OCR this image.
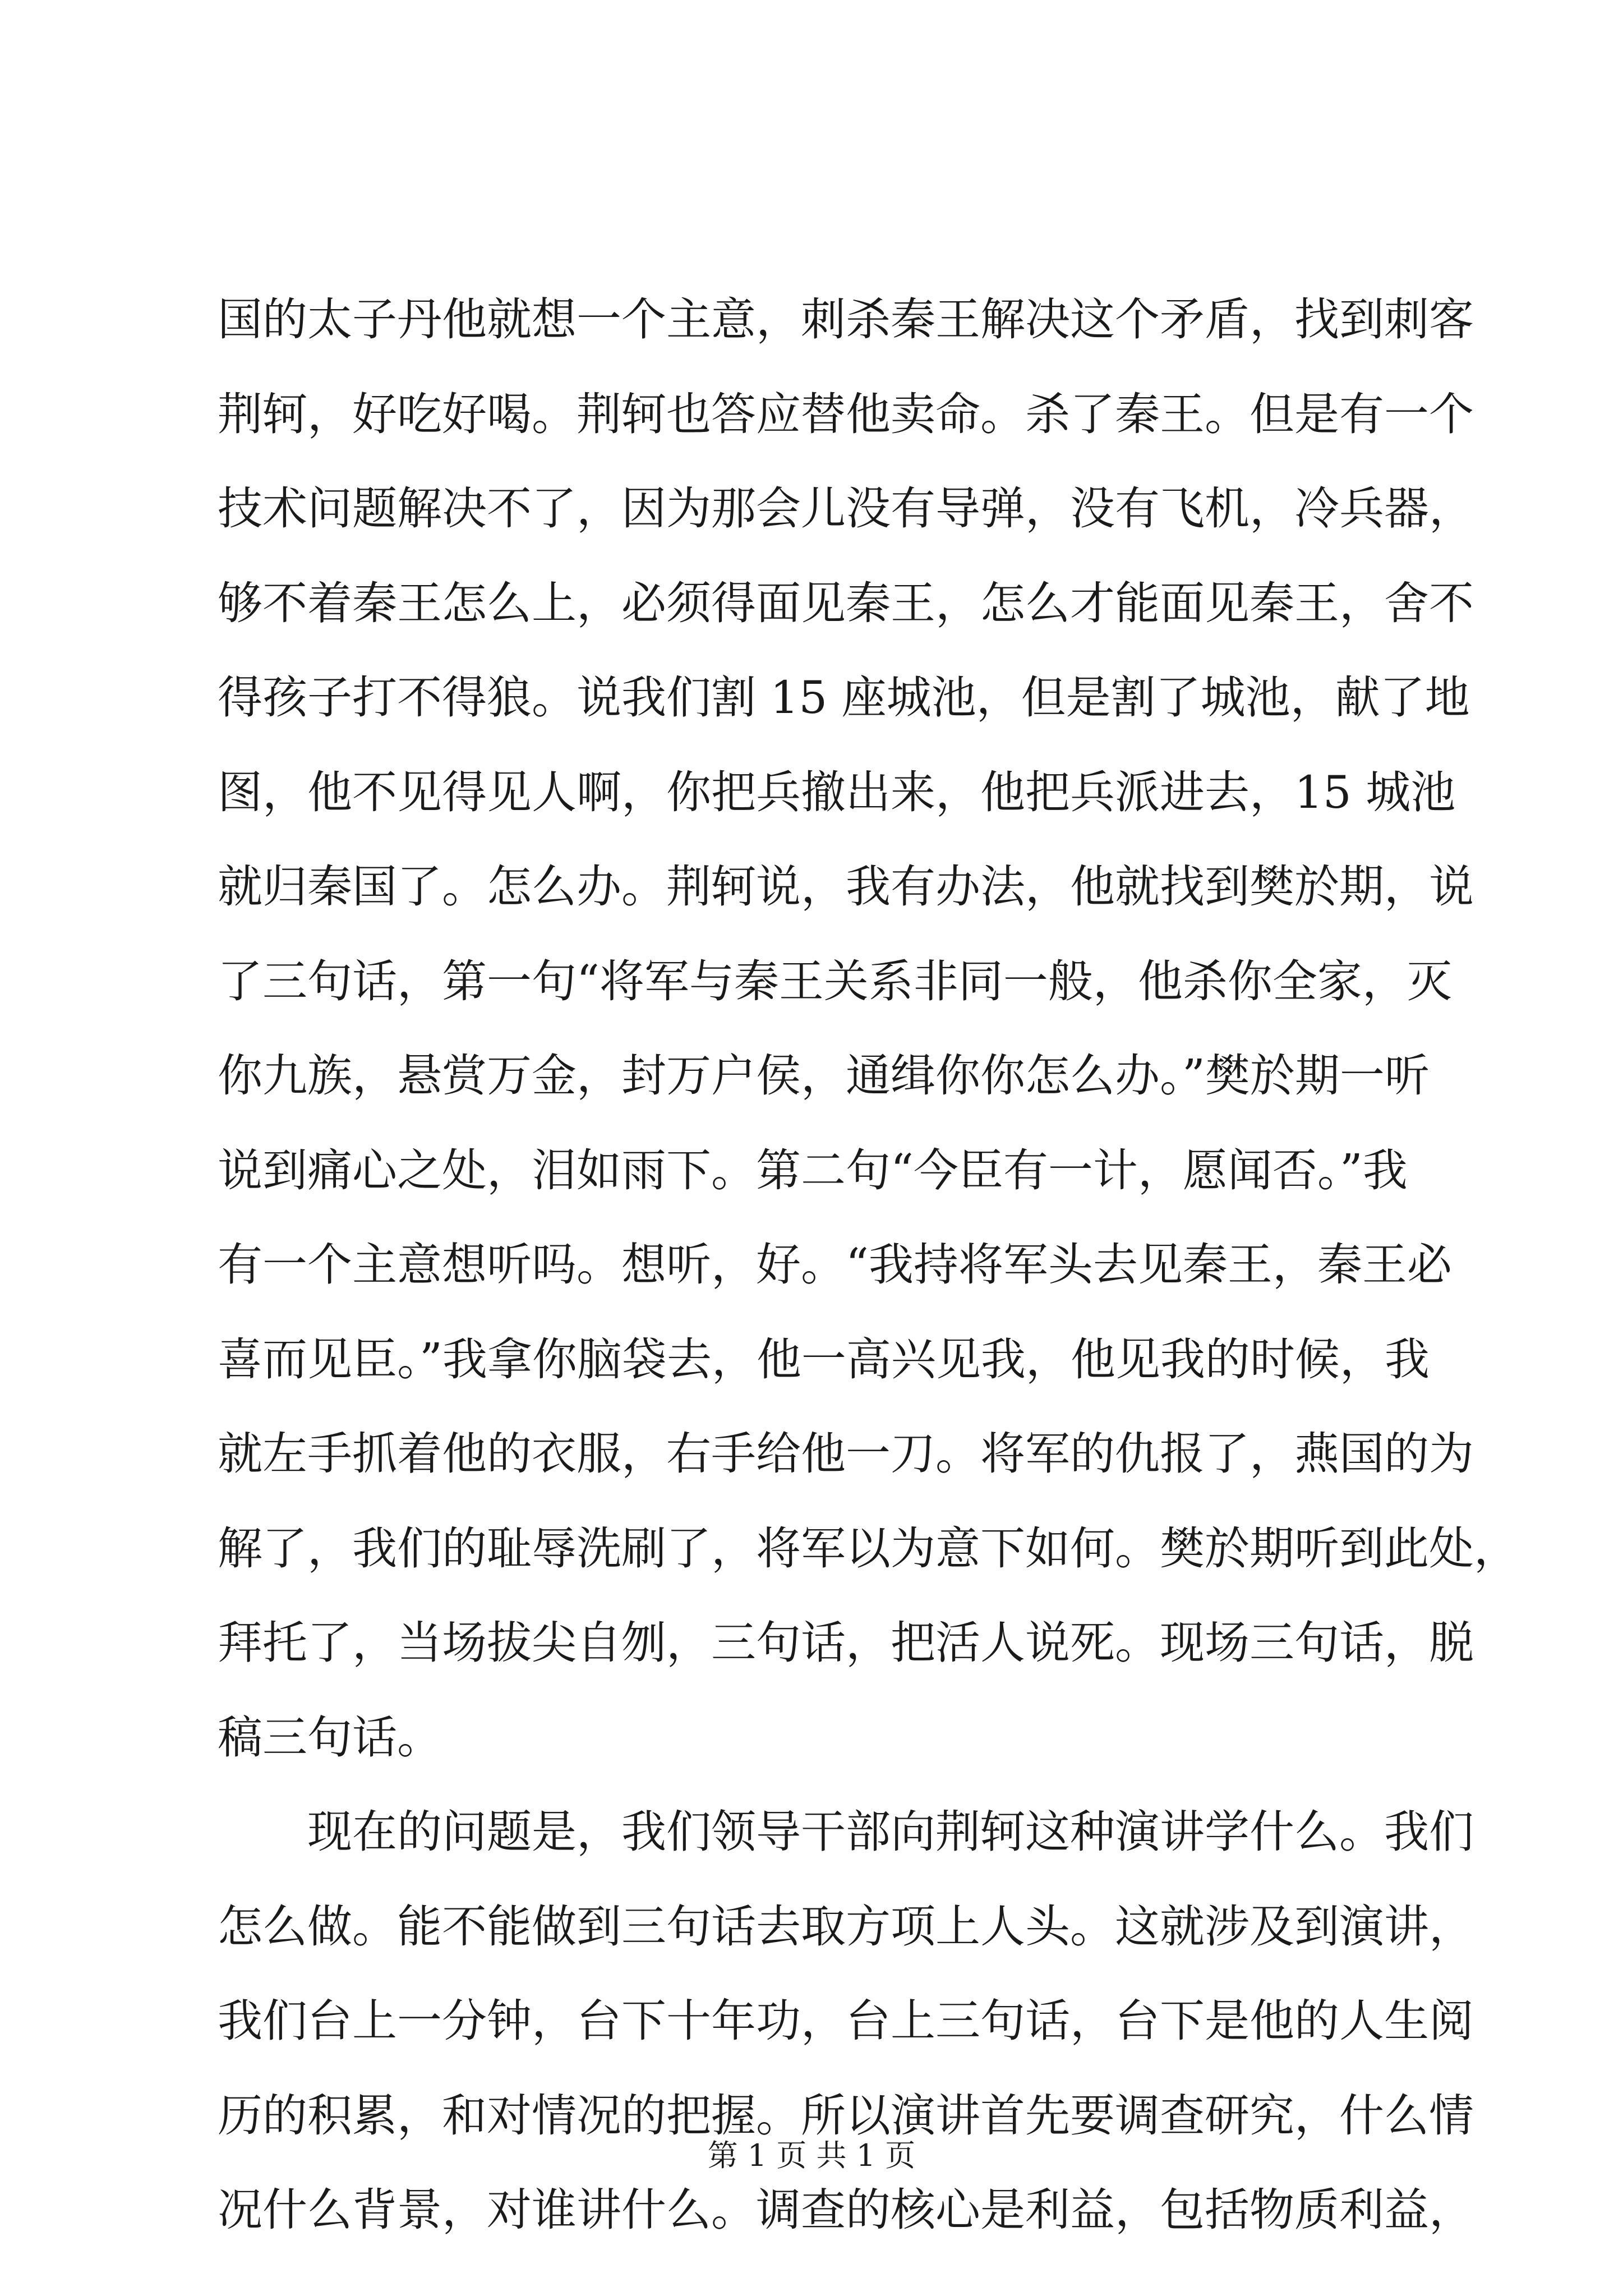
国的太子丹他就想一个主意，刺杀秦王解决这个矛盾，找到刺客
荆轲，好吃好喝。荆轲也答应替他卖命。杀了秦王。但是有一个
技术问题解决不了，因为那会儿没有导弹，没有飞机，冷兵器，
够不着秦王怎么上，必须得面见秦王，怎么才能面见秦王，舍不
得孩子打不得狼。说我们割 15 座城池，但是割了城池，献了地
图，他不见得见人啊，你把兵撤出来，他把兵派进去，15 城池
就归秦国了。怎么办。荆轲说，我有办法，他就找到樊於期，说
了三句话，第一句“将军与秦王关系非同一般，他杀你全家，灭
你九族，悬赏万金，封万户侯，通缉你你怎么办。”樊於期一听
说到痛心之处，泪如雨下。第二句“今臣有一计，愿闻否。”我
有一个主意想听吗。想听，好。“我持将军头去见秦王，秦王必
喜而见臣。”我拿你脑袋去，他一高兴见我，他见我的时候，我
就左手抓着他的衣服，右手给他一刀。将军的仇报了，燕国的为
解了，我们的耻辱洗刷了，将军以为意下如何。樊於期听到此处，
拜托了，当场拔尖自刎，三句话，把活人说死。现场三句话，脱
稿三句话。
现在的问题是，我们领导干部向荆轲这种演讲学什么。我们
怎么做。能不能做到三句话去取方项上人头。这就涉及到演讲，
我们台上一分钟，台下十年功，台上三句话，台下是他的人生阅
历的积累，和对情况的把握。所以演讲首先要调查研究，什么情
况什么背景，对谁讲什么。调查的核心是利益，包括物质利益，
第 1 页 共 1 页
